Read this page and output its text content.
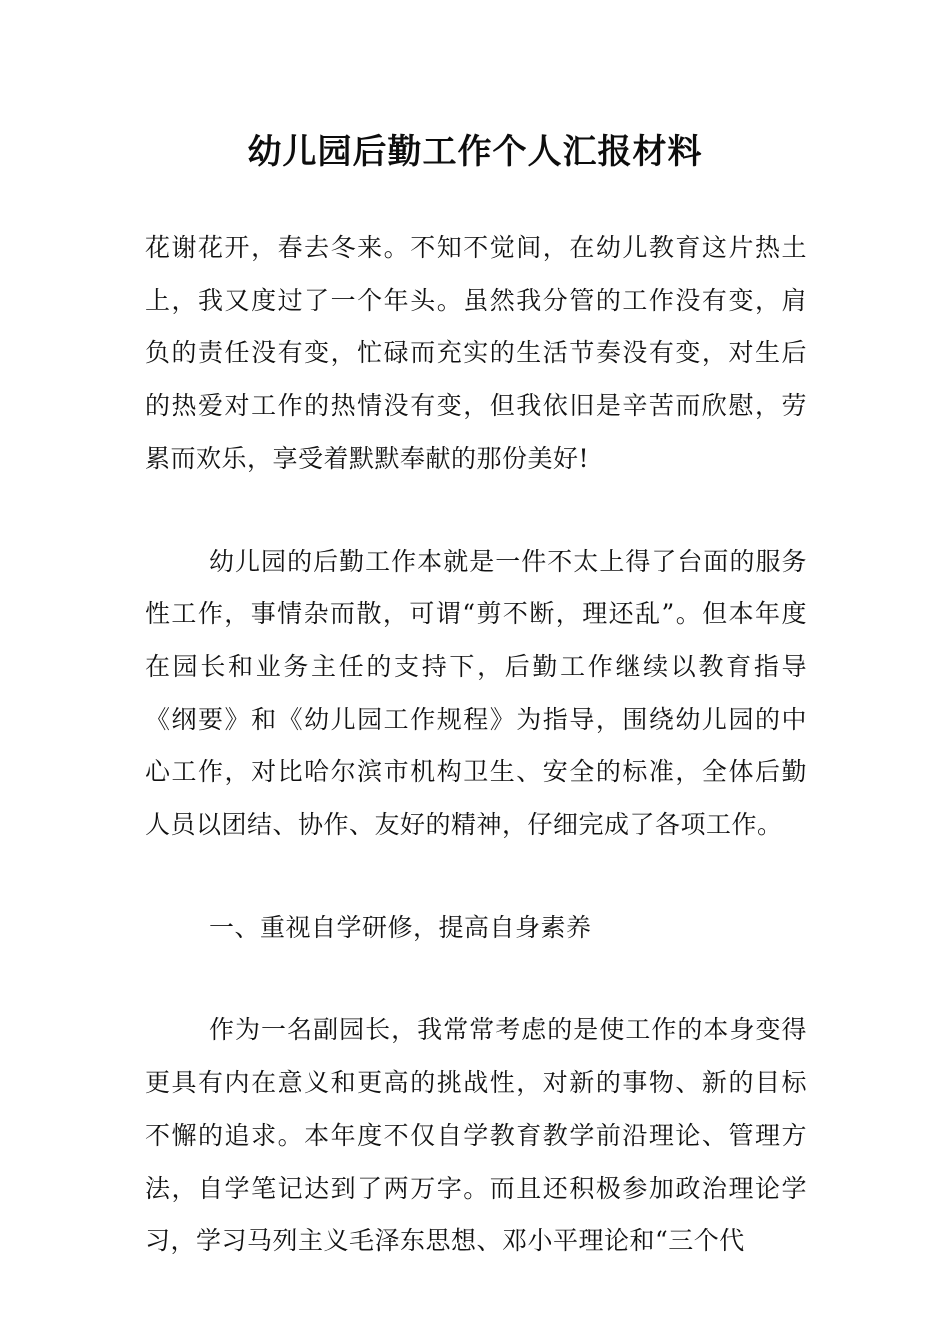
幼儿园后勤工作个人汇报材料

花谢花开，春去冬来。不知不觉间，在幼儿教育这片热土上，我又度过了一个年头。虽然我分管的工作没有变，肩负的责任没有变，忙碌而充实的生活节奏没有变，对生后的热爱对工作的热情没有变，但我依旧是辛苦而欣慰，劳累而欢乐，享受着默默奉献的那份美好!

幼儿园的后勤工作本就是一件不太上得了台面的服务性工作，事情杂而散，可谓“剪不断，理还乱”。但本年度在园长和业务主任的支持下，后勤工作继续以教育指导《纲要》和《幼儿园工作规程》为指导，围绕幼儿园的中心工作，对比哈尔滨市机构卫生、安全的标准，全体后勤人员以团结、协作、友好的精神，仔细完成了各项工作。

一、重视自学研修，提高自身素养

作为一名副园长，我常常考虑的是使工作的本身变得更具有内在意义和更高的挑战性，对新的事物、新的目标不懈的追求。本年度不仅自学教育教学前沿理论、管理方法，自学笔记达到了两万字。而且还积极参加政治理论学习，学习马列主义毛泽东思想、邓小平理论和“三个代
